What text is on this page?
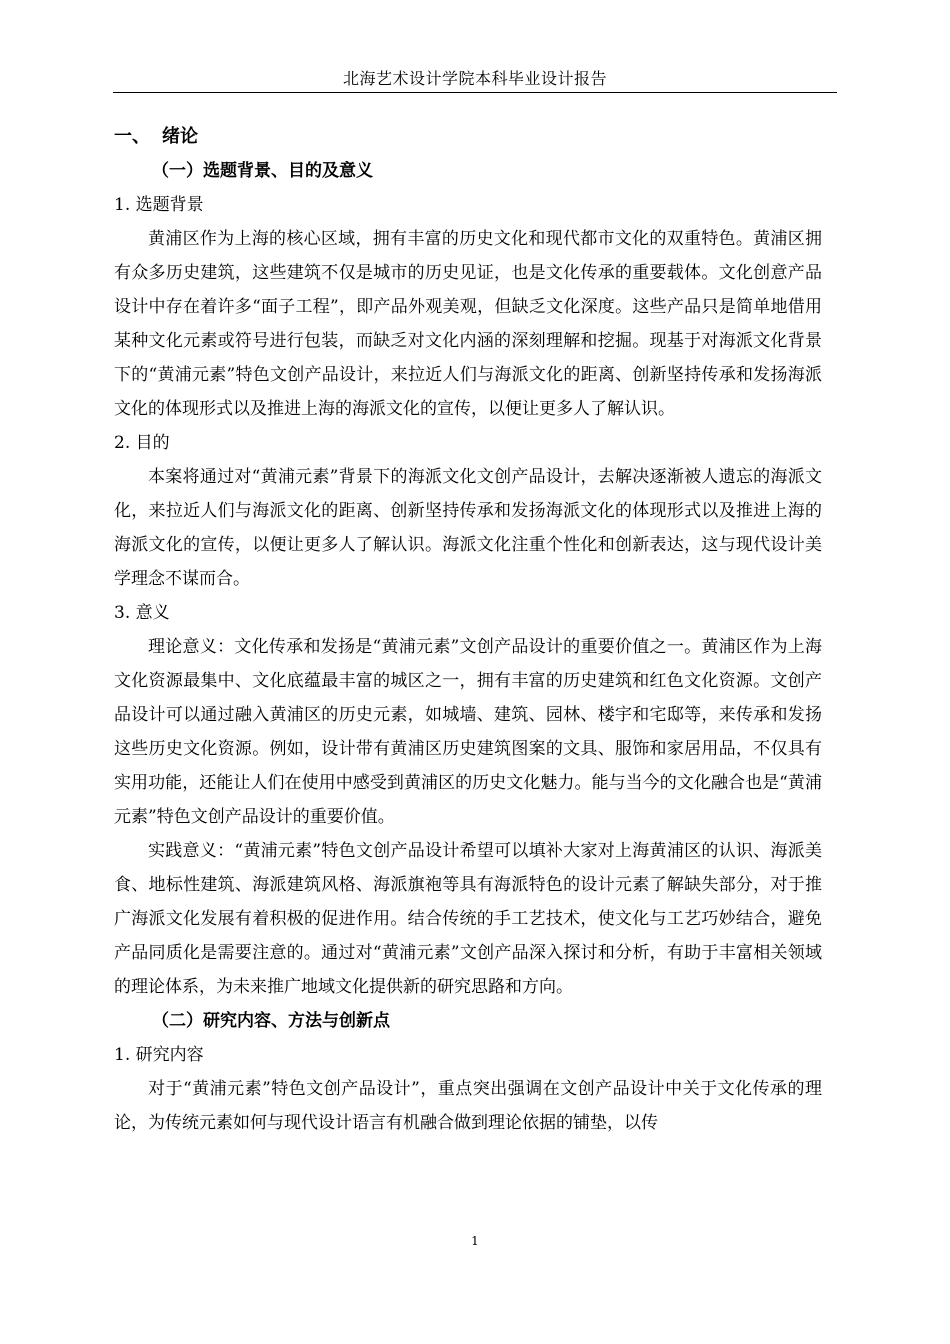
北海艺术设计学院本科毕业设计报告
一、 绪论
（一）选题背景、目的及意义
1. 选题背景

黄浦区作为上海的核心区域，拥有丰富的历史文化和现代都市文化的双重特色。黄浦区拥有众多历史建筑，这些建筑不仅是城市的历史见证，也是文化传承的重要载体。文化创意产品设计中存在着许多“面子工程”，即产品外观美观，但缺乏文化深度。这些产品只是简单地借用某种文化元素或符号进行包装，而缺乏对文化内涵的深刻理解和挖掘。现基于对海派文化背景下的“黄浦元素”特色文创产品设计，来拉近人们与海派文化的距离、创新坚持传承和发扬海派文化的体现形式以及推进上海的海派文化的宣传，以便让更多人了解认识。

2. 目的

本案将通过对“黄浦元素”背景下的海派文化文创产品设计，去解决逐渐被人遗忘的海派文化，来拉近人们与海派文化的距离、创新坚持传承和发扬海派文化的体现形式以及推进上海的海派文化的宣传，以便让更多人了解认识。海派文化注重个性化和创新表达，这与现代设计美学理念不谋而合。

3. 意义

理论意义：文化传承和发扬是“黄浦元素”文创产品设计的重要价值之一。黄浦区作为上海文化资源最集中、文化底蕴最丰富的城区之一，拥有丰富的历史建筑和红色文化资源。文创产品设计可以通过融入黄浦区的历史元素，如城墙、建筑、园林、楼宇和宅邸等，来传承和发扬这些历史文化资源。例如，设计带有黄浦区历史建筑图案的文具、服饰和家居用品，不仅具有实用功能，还能让人们在使用中感受到黄浦区的历史文化魅力。能与当今的文化融合也是“黄浦元素”特色文创产品设计的重要价值。

实践意义：“黄浦元素”特色文创产品设计希望可以填补大家对上海黄浦区的认识、海派美食、地标性建筑、海派建筑风格、海派旗袍等具有海派特色的设计元素了解缺失部分，对于推广海派文化发展有着积极的促进作用。结合传统的手工艺技术，使文化与工艺巧妙结合，避免产品同质化是需要注意的。通过对“黄浦元素”文创产品深入探讨和分析，有助于丰富相关领域的理论体系，为未来推广地域文化提供新的研究思路和方向。

（二）研究内容、方法与创新点
1. 研究内容

对于“黄浦元素”特色文创产品设计”，重点突出强调在文创产品设计中关于文化传承的理论，为传统元素如何与现代设计语言有机融合做到理论依据的铺垫，以传

1
